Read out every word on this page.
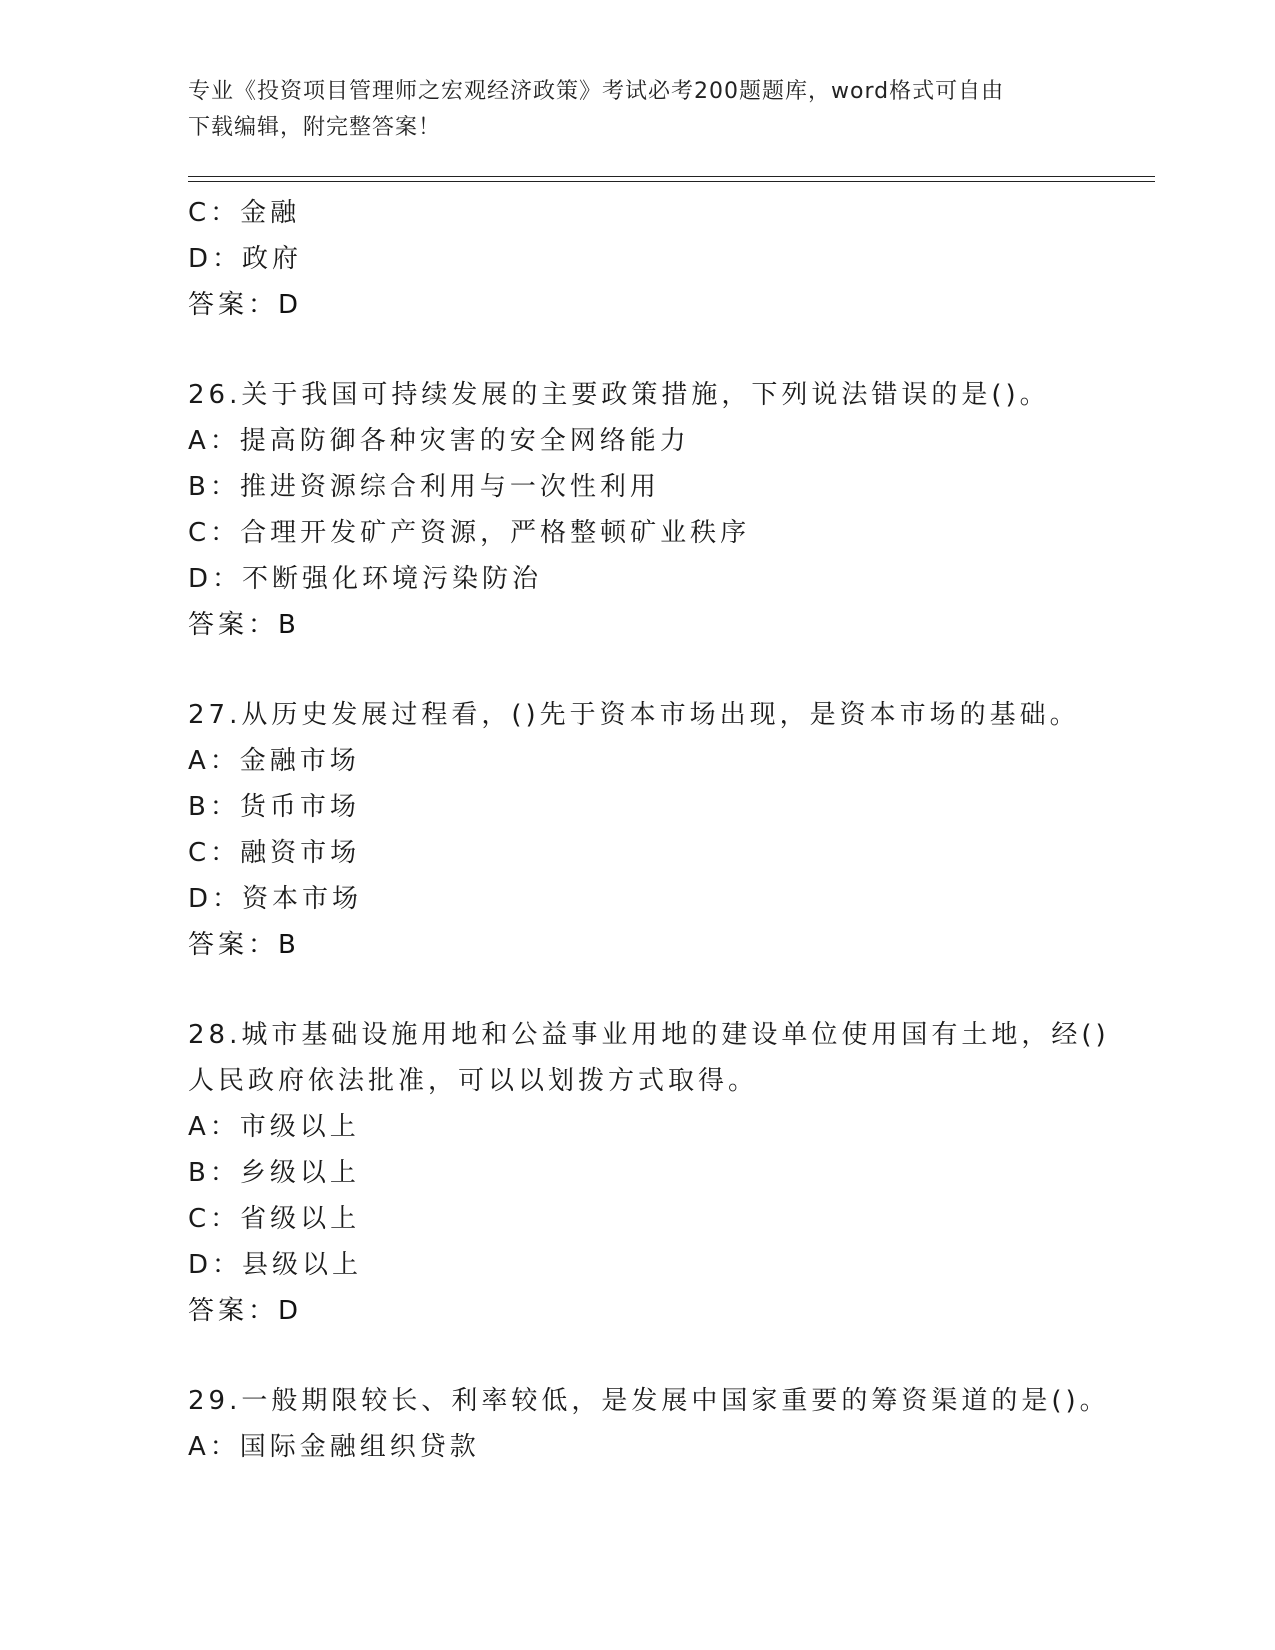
专业《投资项目管理师之宏观经济政策》考试必考200题题库，word格式可自由
下载编辑，附完整答案！
C：金融
D：政府
答案：D
26.关于我国可持续发展的主要政策措施，下列说法错误的是()。
A：提高防御各种灾害的安全网络能力
B：推进资源综合利用与一次性利用
C：合理开发矿产资源，严格整顿矿业秩序
D：不断强化环境污染防治
答案：B
27.从历史发展过程看，()先于资本市场出现，是资本市场的基础。
A：金融市场
B：货币市场
C：融资市场
D：资本市场
答案：B
28.城市基础设施用地和公益事业用地的建设单位使用国有土地，经()
人民政府依法批准，可以以划拨方式取得。
A：市级以上
B：乡级以上
C：省级以上
D：县级以上
答案：D
29.一般期限较长、利率较低，是发展中国家重要的筹资渠道的是()。
A：国际金融组织贷款
